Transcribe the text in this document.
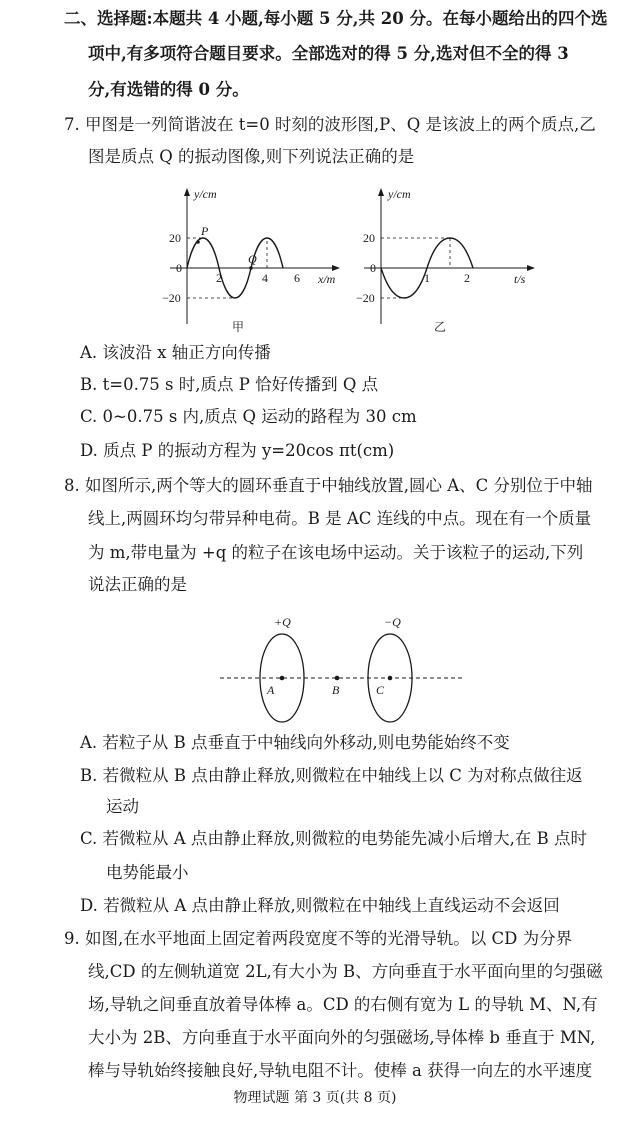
二、选择题:本题共 4 小题,每小题 5 分,共 20 分。在每小题给出的四个选
项中,有多项符合题目要求。全部选对的得 5 分,选对但不全的得 3
分,有选错的得 0 分。
7. 甲图是一列简谐波在 t=0 时刻的波形图,P、Q 是该波上的两个质点,乙
图是质点 Q 的振动图像,则下列说法正确的是
y/cm
x/m
P
Q
0
20
−20
2	4 6
甲
y/cm
t/s
0
20
−20
1	2
乙
A. 该波沿 x 轴正方向传播
B. t=0.75 s 时,质点 P 恰好传播到 Q 点
C. 0~0.75 s 内,质点 Q 运动的路程为 30 cm
D. 质点 P 的振动方程为 y=20cos πt(cm)
8. 如图所示,两个等大的圆环垂直于中轴线放置,圆心 A、C 分别位于中轴
线上,两圆环均匀带异种电荷。B 是 AC 连线的中点。现在有一个质量
为 m,带电量为 +q 的粒子在该电场中运动。关于该粒子的运动,下列
说法正确的是
+Q	−Q
A	B	C
A. 若粒子从 B 点垂直于中轴线向外移动,则电势能始终不变
B. 若微粒从 B 点由静止释放,则微粒在中轴线上以 C 为对称点做往返
运动
C. 若微粒从 A 点由静止释放,则微粒的电势能先减小后增大,在 B 点时
电势能最小
D. 若微粒从 A 点由静止释放,则微粒在中轴线上直线运动不会返回
9. 如图,在水平地面上固定着两段宽度不等的光滑导轨。以 CD 为分界
线,CD 的左侧轨道宽 2L,有大小为 B、方向垂直于水平面向里的匀强磁
场,导轨之间垂直放着导体棒 a。CD 的右侧有宽为 L 的导轨 M、N,有
大小为 2B、方向垂直于水平面向外的匀强磁场,导体棒 b 垂直于 MN,
棒与导轨始终接触良好,导轨电阻不计。使棒 a 获得一向左的水平速度
物理试题 第 3 页(共 8 页)
